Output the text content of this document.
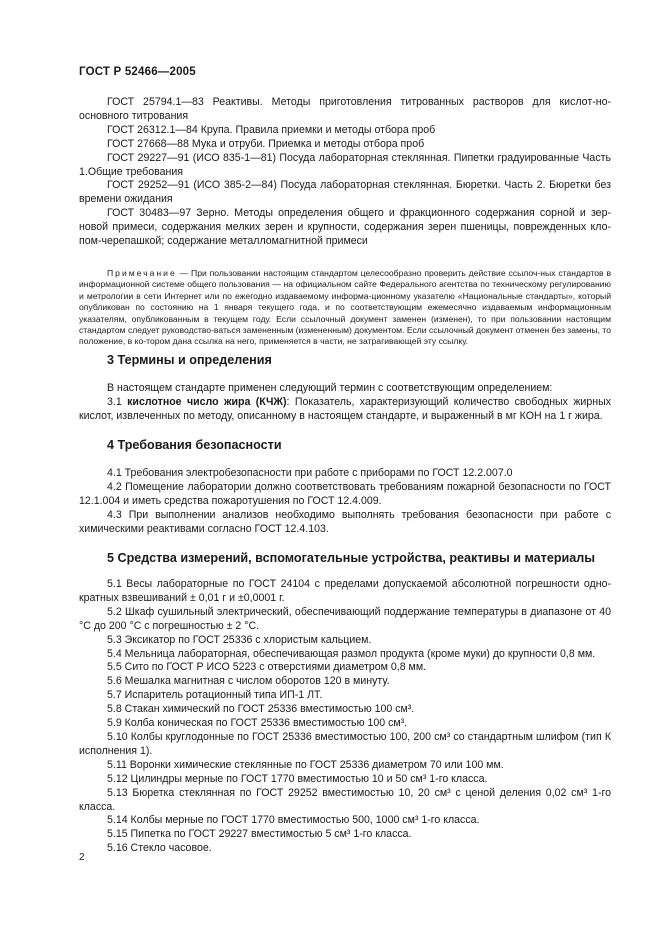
ГОСТ Р 52466—2005

ГОСТ 25794.1—83 Реактивы. Методы приготовления титрованных растворов для кислот-но-основного титрования

ГОСТ 26312.1—84 Крупа. Правила приемки и методы отбора проб

ГОСТ 27668—88 Мука и отруби. Приемка и методы отбора проб

ГОСТ 29227—91 (ИСО 835-1—81) Посуда лабораторная стеклянная. Пипетки градуированные Часть 1.Общие требования

ГОСТ 29252—91 (ИСО 385-2—84) Посуда лабораторная стеклянная. Бюретки. Часть 2. Бюретки без времени ожидания

ГОСТ 30483—97 Зерно. Методы определения общего и фракционного содержания сорной и зер-новой примеси, содержания мелких зерен и крупности, содержания зерен пшеницы, поврежденных кло-пом-черепашкой; содержание металломагнитной примеси

Примечание — При пользовании настоящим стандартом целесообразно проверить действие ссылоч-ных стандартов в информационной системе общего пользования — на официальном сайте Федерального агентства по техническому регулированию и метрологии в сети Интернет или по ежегодно издаваемому информа-ционному указателю «Национальные стандарты», который опубликован по состоянию на 1 января текущего года, и по соответствующим ежемесячно издаваемым информационным указателям, опубликованным в текущем году. Если ссылочный документ заменен (изменен), то при пользовании настоящим стандартом следует руководство-ваться замененным (измененным) документом. Если ссылочный документ отменен без замены, то положение, в ко-тором дана ссылка на него, применяется в части, не затрагивающей эту ссылку.

3 Термины и определения

В настоящем стандарте применен следующий термин с соответствующим определением:

3.1 кислотное число жира (КЧЖ): Показатель, характеризующий количество свободных жирных кислот, извлеченных по методу, описанному в настоящем стандарте, и выраженный в мг КОН на 1 г жира.

4 Требования безопасности

4.1 Требования электробезопасности при работе с приборами по ГОСТ 12.2.007.0

4.2 Помещение лаборатории должно соответствовать требованиям пожарной безопасности по ГОСТ 12.1.004 и иметь средства пожаротушения по ГОСТ 12.4.009.

4.3 При выполнении анализов необходимо выполнять требования безопасности при работе с химическими реактивами согласно ГОСТ 12.4.103.

5 Средства измерений, вспомогательные устройства, реактивы и материалы

5.1 Весы лабораторные по ГОСТ 24104 с пределами допускаемой абсолютной погрешности одно-кратных взвешиваний ± 0,01 г и ±0,0001 г.

5.2 Шкаф сушильный электрический, обеспечивающий поддержание температуры в диапазоне от 40 °С до 200 °С с погрешностью ± 2 °С.

5.3 Эксикатор по ГОСТ 25336 с хлористым кальцием.

5.4 Мельница лабораторная, обеспечивающая размол продукта (кроме муки) до крупности 0,8 мм.

5.5 Сито по ГОСТ Р ИСО 5223 с отверстиями диаметром 0,8 мм.

5.6 Мешалка магнитная с числом оборотов 120 в минуту.

5.7 Испаритель ротационный типа ИП-1 ЛТ.

5.8 Стакан химический по ГОСТ 25336 вместимостью 100 см³.

5.9 Колба коническая по ГОСТ 25336 вместимостью 100 см³.

5.10 Колбы круглодонные по ГОСТ 25336 вместимостью 100, 200 см³ со стандартным шлифом (тип К исполнения 1).

5.11 Воронки химические стеклянные по ГОСТ 25336 диаметром 70 или 100 мм.

5.12 Цилиндры мерные по ГОСТ 1770 вместимостью 10 и 50 см³ 1-го класса.

5.13 Бюретка стеклянная по ГОСТ 29252 вместимостью 10, 20 см³ с ценой деления 0,02 см³ 1-го класса.

5.14 Колбы мерные по ГОСТ 1770 вместимостью 500, 1000 см³ 1-го класса.

5.15 Пипетка по ГОСТ 29227 вместимостью 5 см³ 1-го класса.

5.16 Стекло часовое.

2
